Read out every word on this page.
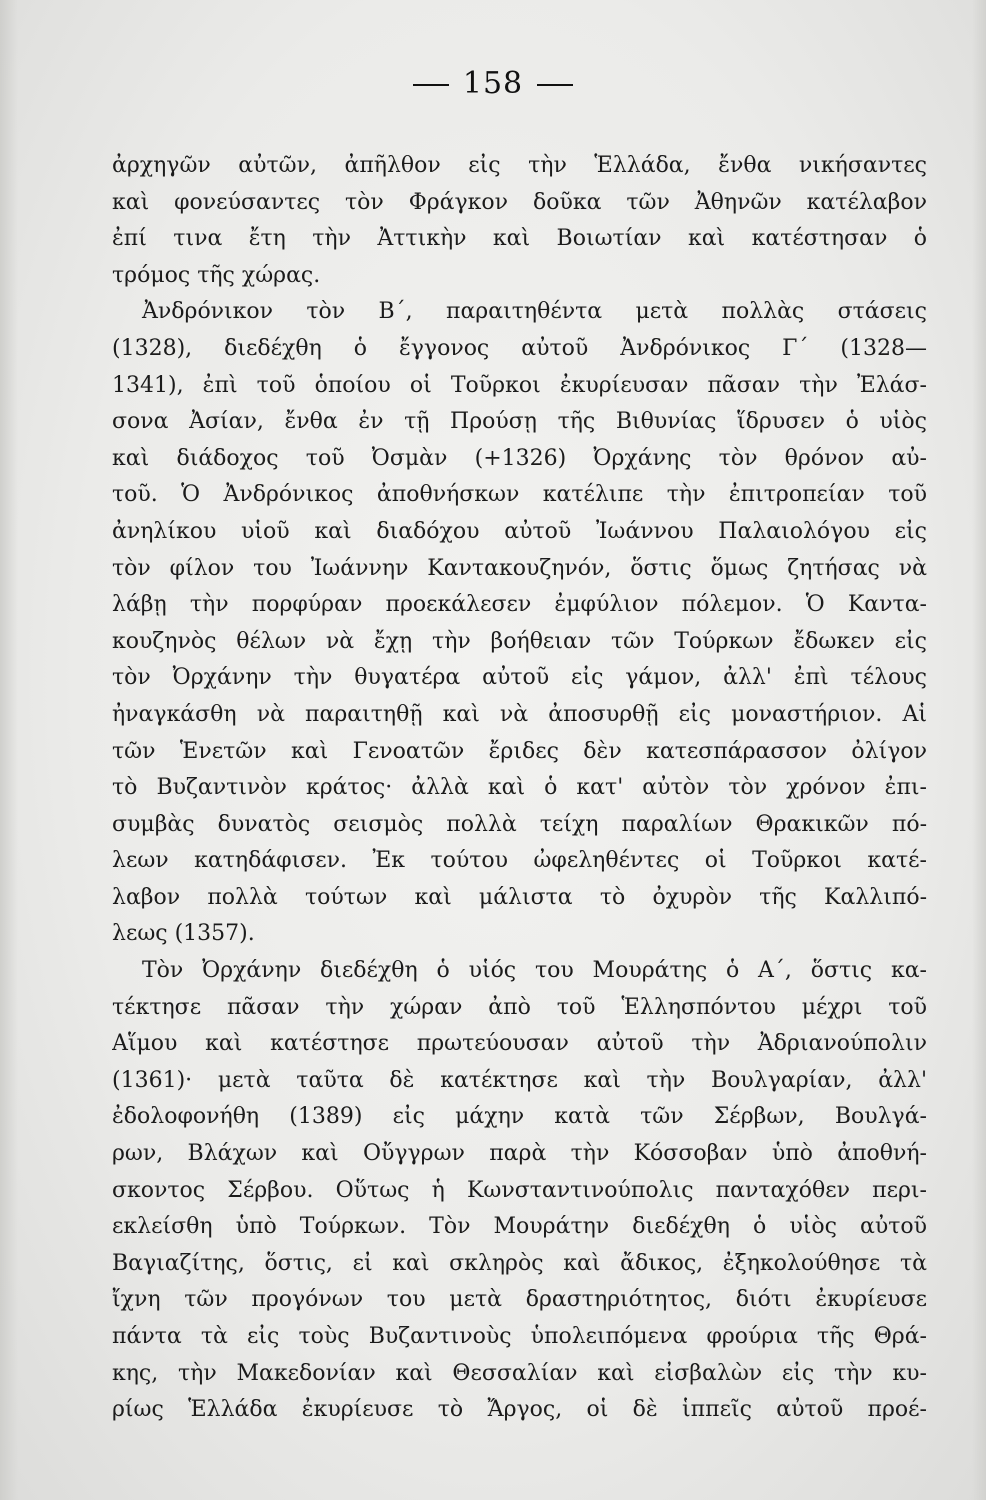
158
ἀρχηγῶν αὐτῶν, ἀπῆλθον εἰς τὴν Ἑλλάδα, ἔνθα νικήσαντες
καὶ φονεύσαντες τὸν Φράγκον δοῦκα τῶν Ἀθηνῶν κατέλαβον
ἐπί τινα ἔτη τὴν Ἀττικὴν καὶ Βοιωτίαν καὶ κατέστησαν ὁ
τρόμος τῆς χώρας.
Ἀνδρόνικον τὸν Β΄, παραιτηθέντα μετὰ πολλὰς στάσεις
(1328), διεδέχθη ὁ ἔγγονος αὐτοῦ Ἀνδρόνικος Γ΄ (1328—
1341), ἐπὶ τοῦ ὁποίου οἱ Τοῦρκοι ἐκυρίευσαν πᾶσαν τὴν Ἐλάσ-
σονα Ἀσίαν, ἔνθα ἐν τῇ Προύσῃ τῆς Βιθυνίας ἵδρυσεν ὁ υἱὸς
καὶ διάδοχος τοῦ Ὀσμὰν (+1326) Ὀρχάνης τὸν θρόνον αὐ-
τοῦ. Ὁ Ἀνδρόνικος ἀποθνήσκων κατέλιπε τὴν ἐπιτροπείαν τοῦ
ἀνηλίκου υἱοῦ καὶ διαδόχου αὐτοῦ Ἰωάννου Παλαιολόγου εἰς
τὸν φίλον του Ἰωάννην Καντακουζηνόν, ὅστις ὅμως ζητήσας νὰ
λάβῃ τὴν πορφύραν προεκάλεσεν ἐμφύλιον πόλεμον. Ὁ Καντα-
κουζηνὸς θέλων νὰ ἔχῃ τὴν βοήθειαν τῶν Τούρκων ἔδωκεν εἰς
τὸν Ὀρχάνην τὴν θυγατέρα αὐτοῦ εἰς γάμον, ἀλλ' ἐπὶ τέλους
ἠναγκάσθη νὰ παραιτηθῇ καὶ νὰ ἀποσυρθῇ εἰς μοναστήριον. Αἱ
τῶν Ἑνετῶν καὶ Γενοατῶν ἔριδες δὲν κατεσπάρασσον ὀλίγον
τὸ Βυζαντινὸν κράτος· ἀλλὰ καὶ ὁ κατ' αὐτὸν τὸν χρόνον ἐπι-
συμβὰς δυνατὸς σεισμὸς πολλὰ τείχη παραλίων Θρακικῶν πό-
λεων κατηδάφισεν. Ἐκ τούτου ὠφεληθέντες οἱ Τοῦρκοι κατέ-
λαβον πολλὰ τούτων καὶ μάλιστα τὸ ὀχυρὸν τῆς Καλλιπό-
λεως (1357).
Τὸν Ὀρχάνην διεδέχθη ὁ υἱός του Μουράτης ὁ Α΄, ὅστις κα-
τέκτησε πᾶσαν τὴν χώραν ἀπὸ τοῦ Ἑλλησπόντου μέχρι τοῦ
Αἵμου καὶ κατέστησε πρωτεύουσαν αὐτοῦ τὴν Ἀδριανούπολιν
(1361)· μετὰ ταῦτα δὲ κατέκτησε καὶ τὴν Βουλγαρίαν, ἀλλ'
ἐδολοφονήθη (1389) εἰς μάχην κατὰ τῶν Σέρβων, Βουλγά-
ρων, Βλάχων καὶ Οὔγγρων παρὰ τὴν Κόσσοβαν ὑπὸ ἀποθνή-
σκοντος Σέρβου. Οὕτως ἡ Κωνσταντινούπολις πανταχόθεν περι-
εκλείσθη ὑπὸ Τούρκων. Τὸν Μουράτην διεδέχθη ὁ υἱὸς αὐτοῦ
Βαγιαζίτης, ὅστις, εἰ καὶ σκληρὸς καὶ ἄδικος, ἐξηκολούθησε τὰ
ἴχνη τῶν προγόνων του μετὰ δραστηριότητος, διότι ἐκυρίευσε
πάντα τὰ εἰς τοὺς Βυζαντινοὺς ὑπολειπόμενα φρούρια τῆς Θρά-
κης, τὴν Μακεδονίαν καὶ Θεσσαλίαν καὶ εἰσβαλὼν εἰς τὴν κυ-
ρίως Ἑλλάδα ἐκυρίευσε τὸ Ἄργος, οἱ δὲ ἱππεῖς αὐτοῦ προέ-
